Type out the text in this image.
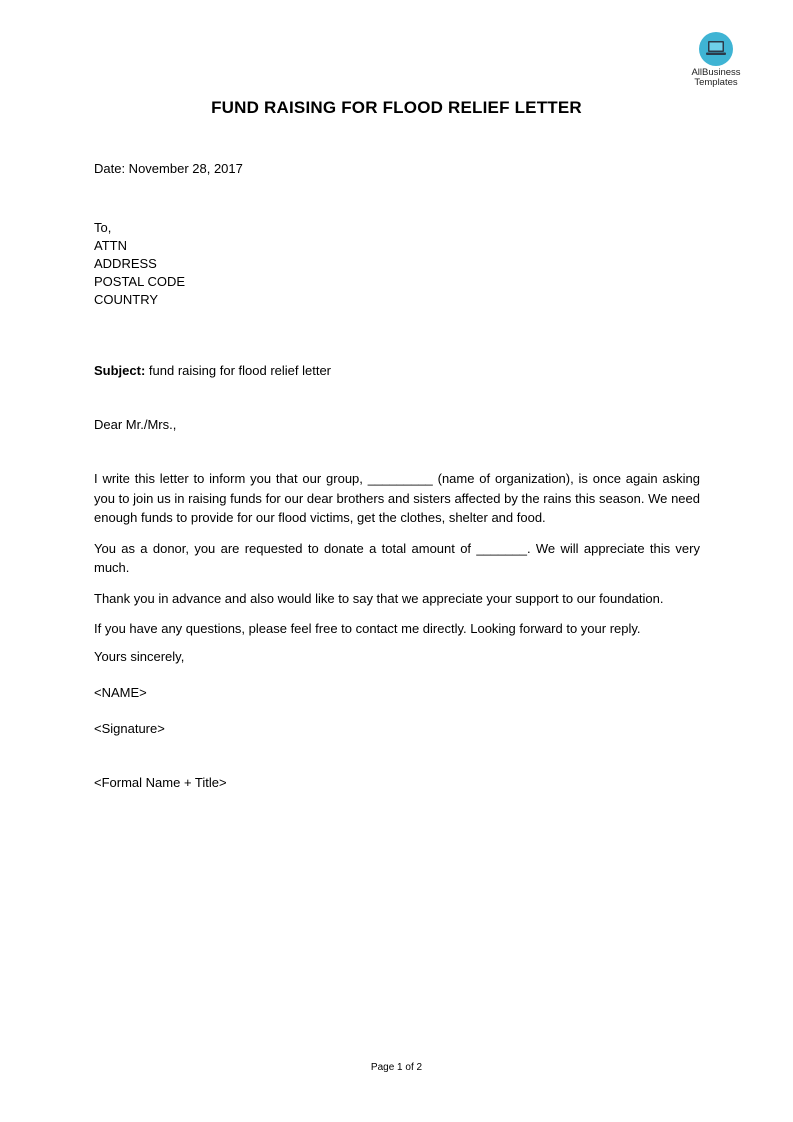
AllBusiness
Templates
FUND RAISING FOR FLOOD RELIEF LETTER
Date: November 28, 2017
To,
ATTN
ADDRESS
POSTAL CODE
COUNTRY
Subject: fund raising for flood relief letter
Dear Mr./Mrs.,

I write this letter to inform you that our group, _________ (name of organization), is once again asking you to join us in raising funds for our dear brothers and sisters affected by the rains this season. We need enough funds to provide for our flood victims, get the clothes, shelter and food.

You as a donor, you are requested to donate a total amount of _______. We will appreciate this very much.

Thank you in advance and also would like to say that we appreciate your support to our foundation.

If you have any questions, please feel free to contact me directly. Looking forward to your reply.

Yours sincerely,
<NAME>
<Signature>
<Formal Name + Title>
Page 1 of 2
